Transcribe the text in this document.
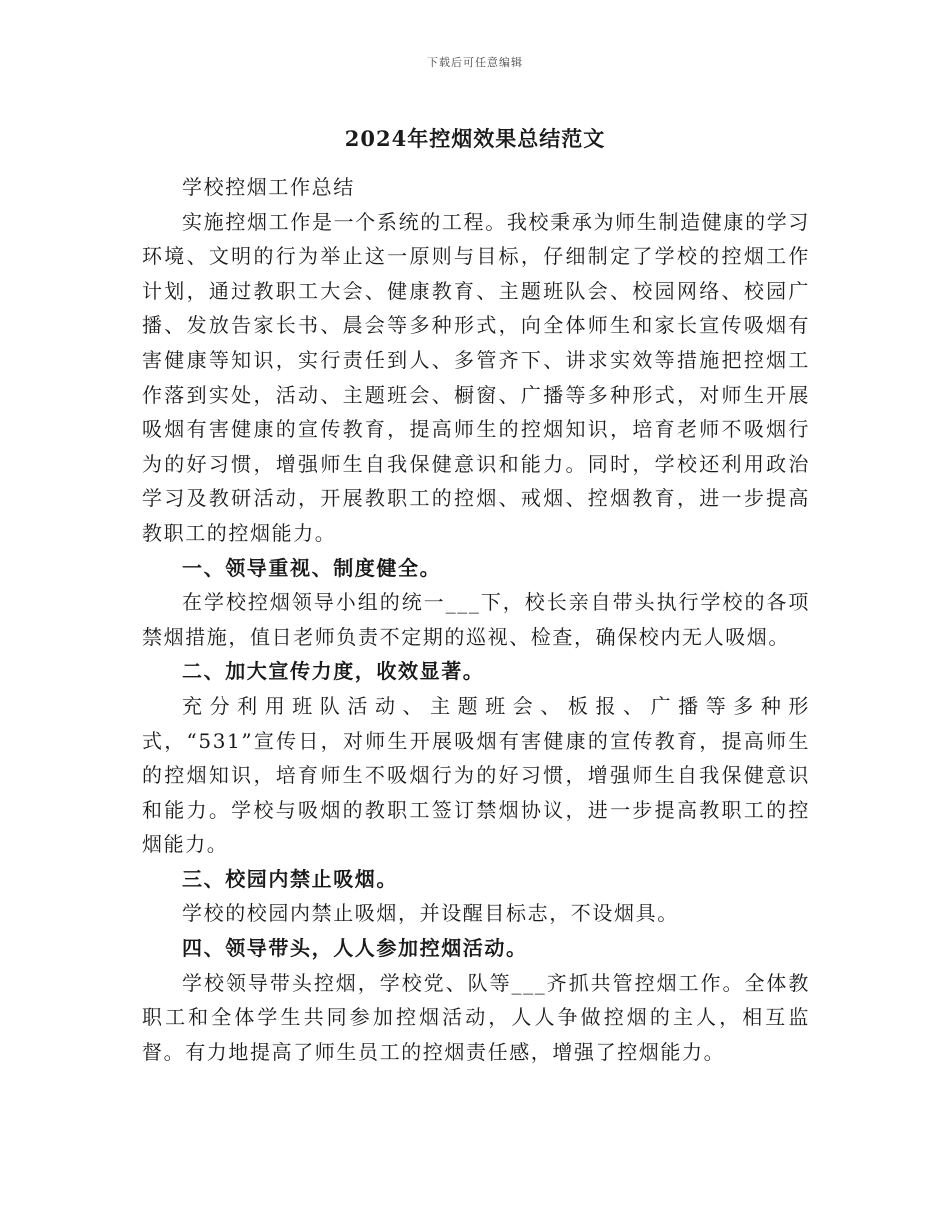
下载后可任意编辑
2024年控烟效果总结范文

学校控烟工作总结

实施控烟工作是一个系统的工程。我校秉承为师生制造健康的学习环境、文明的行为举止这一原则与目标，仔细制定了学校的控烟工作计划，通过教职工大会、健康教育、主题班队会、校园网络、校园广播、发放告家长书、晨会等多种形式，向全体师生和家长宣传吸烟有害健康等知识，实行责任到人、多管齐下、讲求实效等措施把控烟工作落到实处，活动、主题班会、橱窗、广播等多种形式，对师生开展吸烟有害健康的宣传教育，提高师生的控烟知识，培育老师不吸烟行为的好习惯，增强师生自我保健意识和能力。同时，学校还利用政治学习及教研活动，开展教职工的控烟、戒烟、控烟教育，进一步提高教职工的控烟能力。

一、领导重视、制度健全。

在学校控烟领导小组的统一___下，校长亲自带头执行学校的各项禁烟措施，值日老师负责不定期的巡视、检查，确保校内无人吸烟。

二、加大宣传力度，收效显著。

充分利用班队活动、主题班会、板报、广播等多种形式，“531”宣传日，对师生开展吸烟有害健康的宣传教育，提高师生的控烟知识，培育师生不吸烟行为的好习惯，增强师生自我保健意识和能力。学校与吸烟的教职工签订禁烟协议，进一步提高教职工的控烟能力。

三、校园内禁止吸烟。

学校的校园内禁止吸烟，并设醒目标志，不设烟具。

四、领导带头，人人参加控烟活动。

学校领导带头控烟，学校党、队等___齐抓共管控烟工作。全体教职工和全体学生共同参加控烟活动，人人争做控烟的主人，相互监督。有力地提高了师生员工的控烟责任感，增强了控烟能力。
